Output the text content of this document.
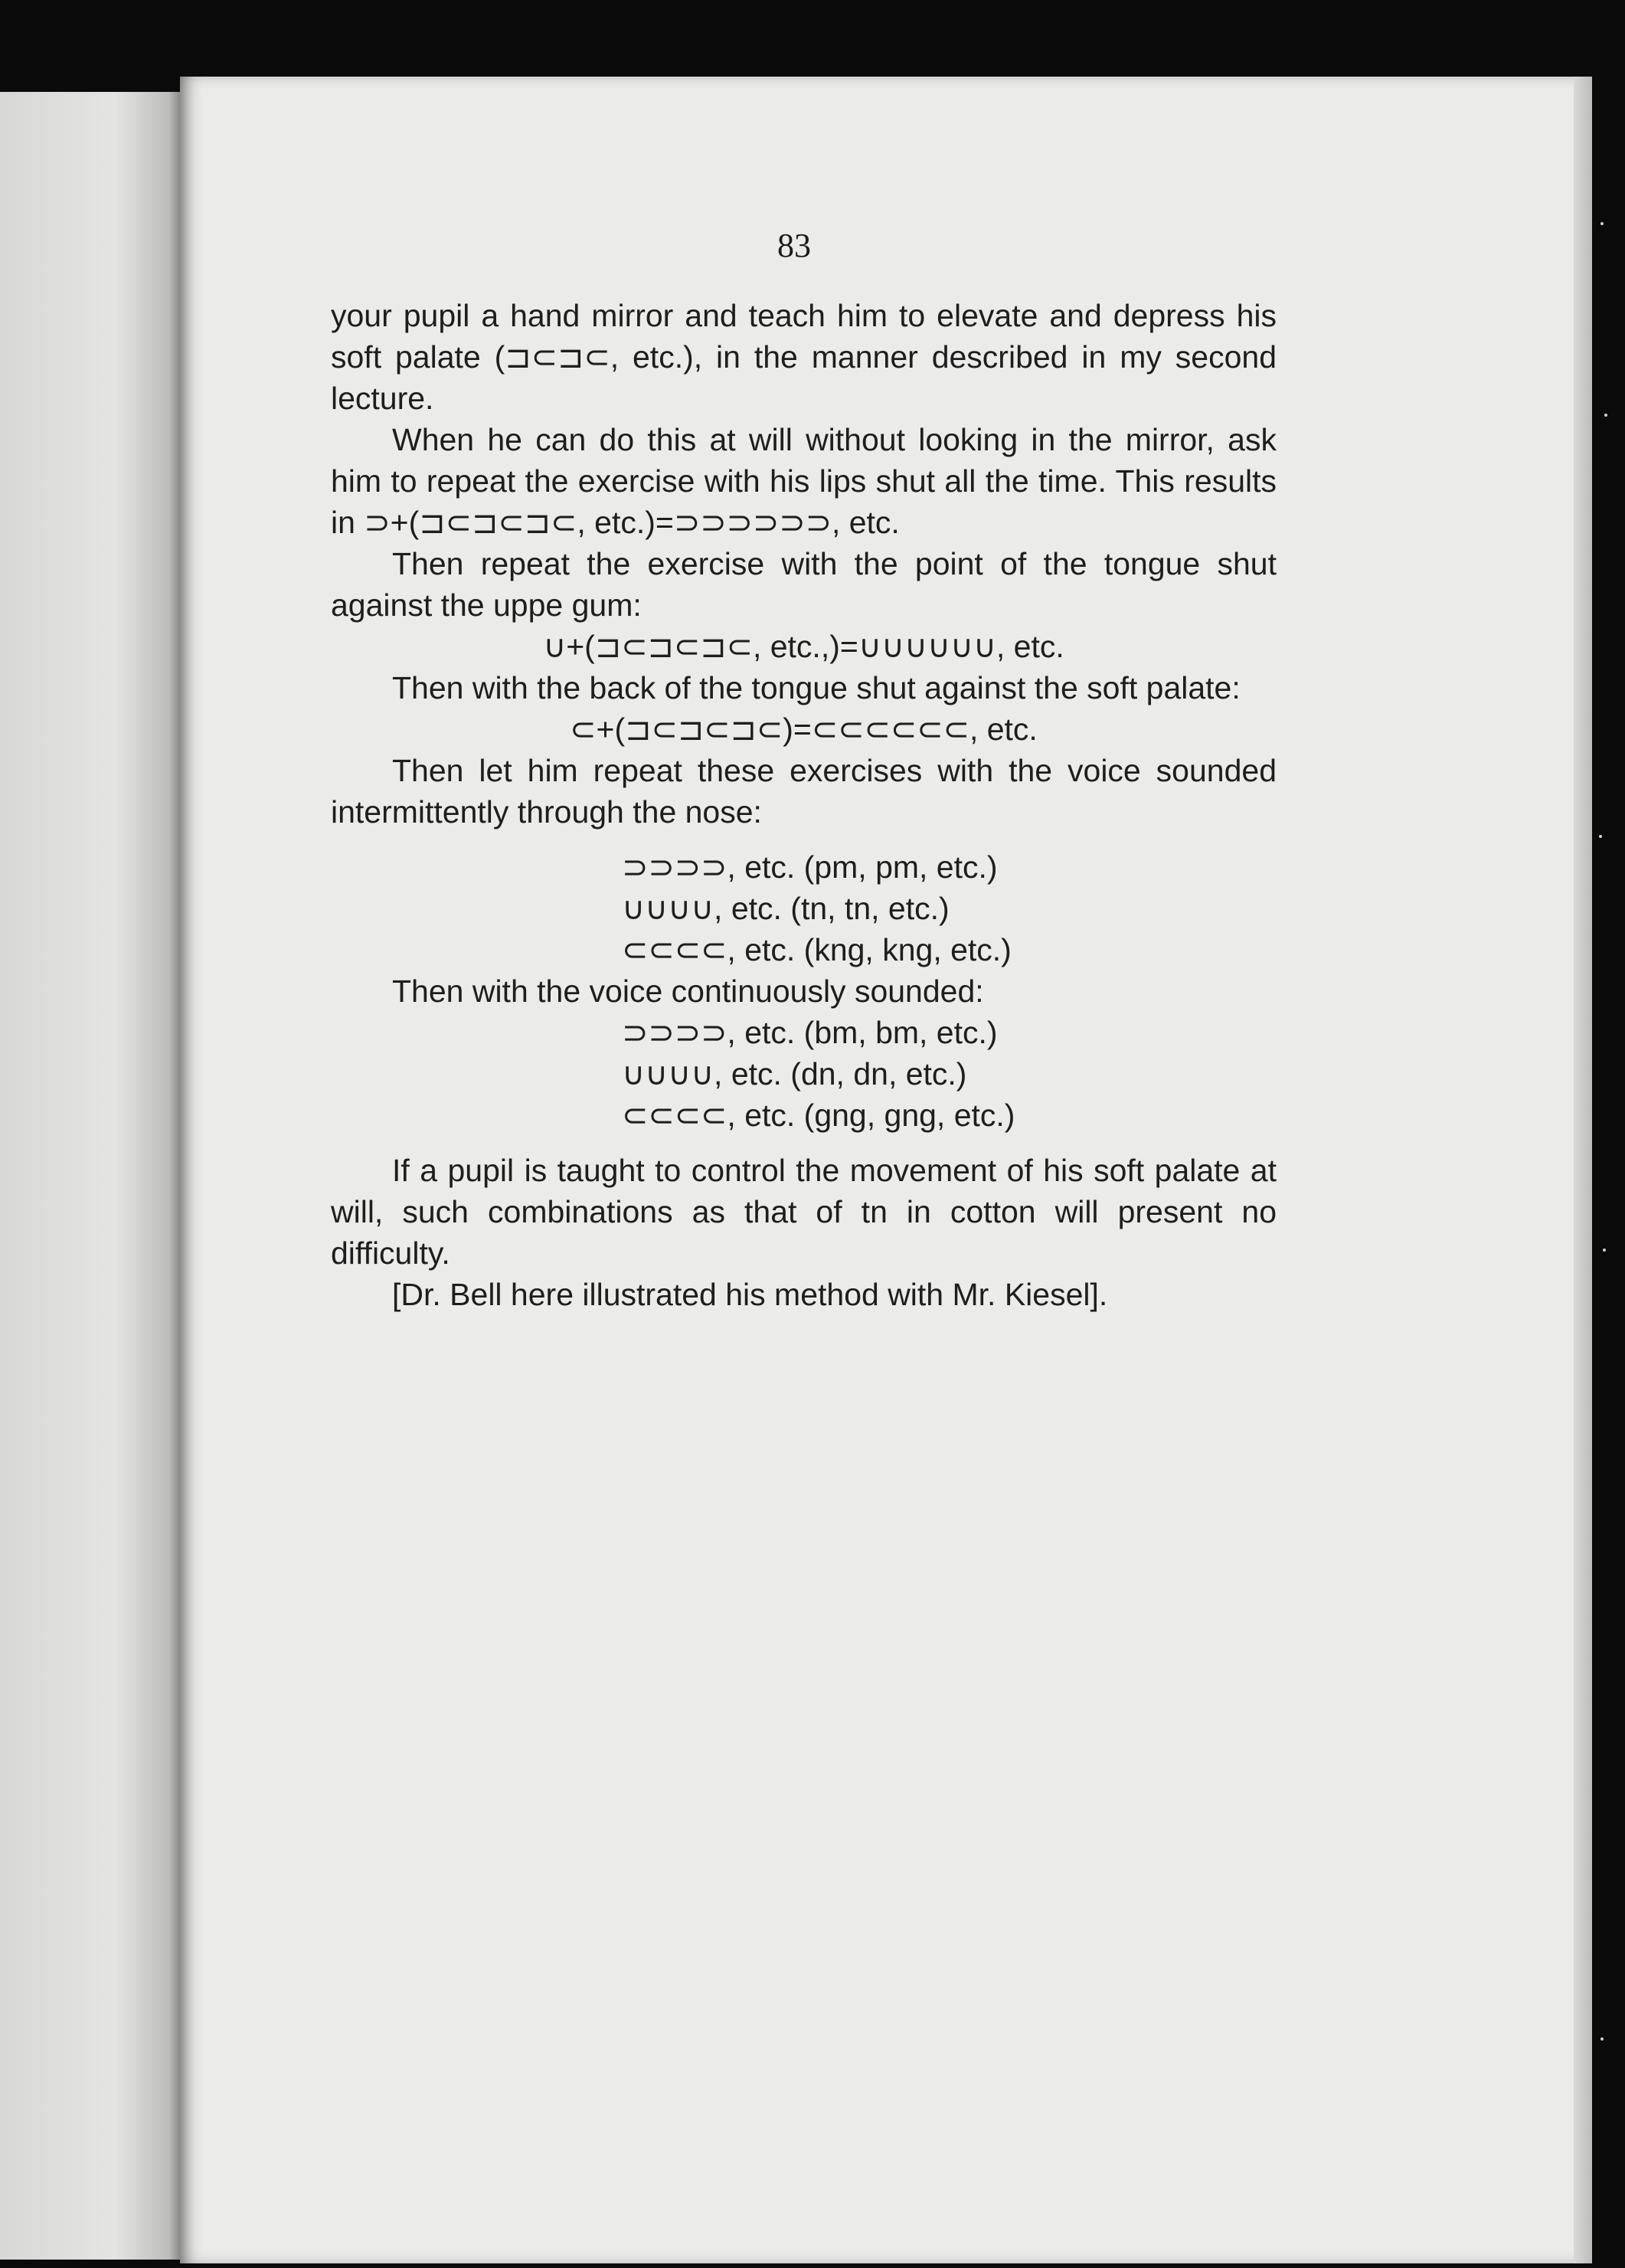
83

your pupil a hand mirror and teach him to elevate and depress his soft palate (⊐⊂⊐⊂, etc.), in the manner described in my second lecture.

When he can do this at will without looking in the mirror, ask him to repeat the exercise with his lips shut all the time. This results in ⊃+(⊐⊂⊐⊂⊐⊂, etc.)=⊃⊃⊃⊃⊃⊃, etc.

Then repeat the exercise with the point of the tongue shut against the uppe gum:

∪+(⊐⊂⊐⊂⊐⊂, etc.,)=∪∪∪∪∪∪, etc.

Then with the back of the tongue shut against the soft palate:

⊂+(⊐⊂⊐⊂⊐⊂)=⊂⊂⊂⊂⊂⊂, etc.

Then let him repeat these exercises with the voice sounded intermittently through the nose:

⊃⊃⊃⊃, etc. (pm, pm, etc.)

∪∪∪∪, etc. (tn, tn, etc.)

⊂⊂⊂⊂, etc. (kng, kng, etc.)

Then with the voice continuously sounded:

⊃⊃⊃⊃, etc. (bm, bm, etc.)

∪∪∪∪, etc. (dn, dn, etc.)

⊂⊂⊂⊂, etc. (gng, gng, etc.)

If a pupil is taught to control the movement of his soft palate at will, such combinations as that of tn in cotton will present no difficulty.

[Dr. Bell here illustrated his method with Mr. Kiesel].
